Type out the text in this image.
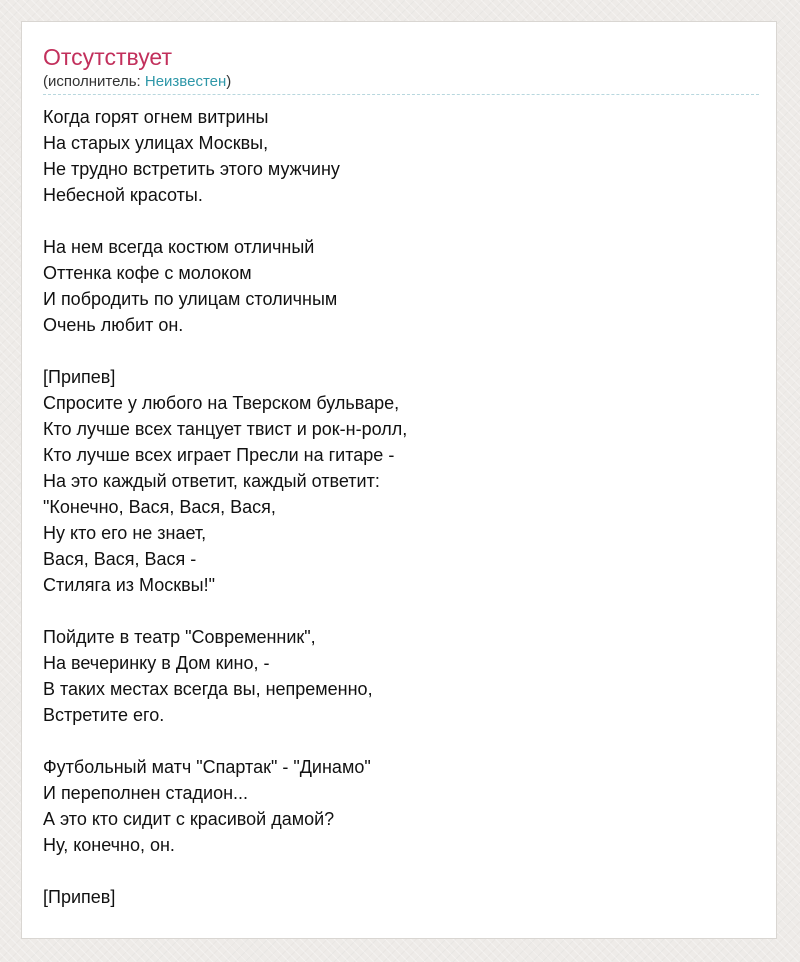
Отсутствует
(исполнитель: Неизвестен)
Когда горят огнем витрины
На старых улицах Москвы,
Не трудно встретить этого мужчину
Небесной красоты.

На нем всегда костюм отличный
Оттенка кофе с молоком
И побродить по улицам столичным
Очень любит он.

[Припев]
Спросите у любого на Тверском бульваре,
Кто лучше всех танцует твист и рок-н-ролл,
Кто лучше всех играет Пресли на гитаре -
На это каждый ответит, каждый ответит:
"Конечно, Вася, Вася, Вася,
Ну кто его не знает,
Вася, Вася, Вася -
Стиляга из Москвы!"

Пойдите в театр "Современник",
На вечеринку в Дом кино, -
В таких местах всегда вы, непременно,
Встретите его.

Футбольный матч "Спартак" - "Динамо"
И переполнен стадион...
А это кто сидит с красивой дамой?
Ну, конечно, он.

[Припев]
